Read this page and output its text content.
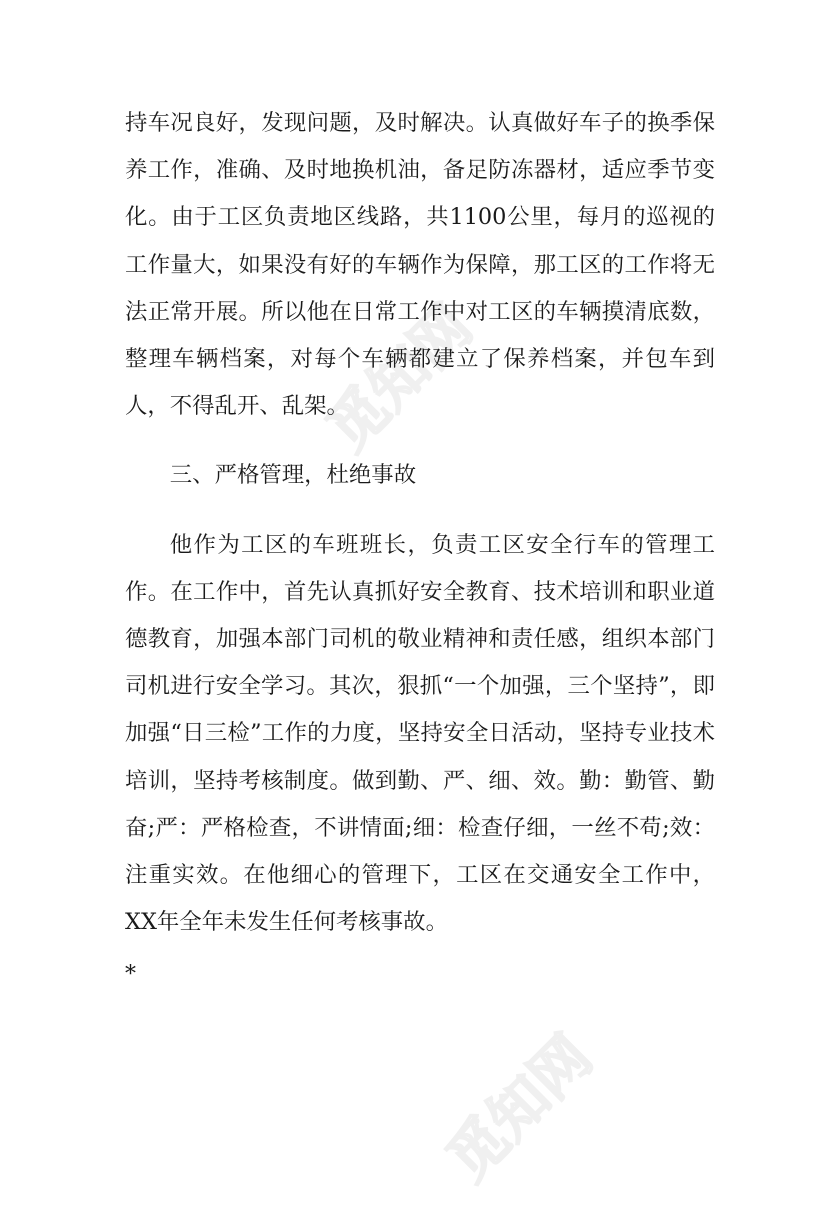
觅知网
觅知网

持车况良好，发现问题，及时解决。认真做好车子的换季保养工作，准确、及时地换机油，备足防冻器材，适应季节变化。由于工区负责地区线路，共1100公里，每月的巡视的工作量大，如果没有好的车辆作为保障，那工区的工作将无法正常开展。所以他在日常工作中对工区的车辆摸清底数，整理车辆档案，对每个车辆都建立了保养档案，并包车到人，不得乱开、乱架。

三、严格管理，杜绝事故

他作为工区的车班班长，负责工区安全行车的管理工作。在工作中，首先认真抓好安全教育、技术培训和职业道德教育，加强本部门司机的敬业精神和责任感，组织本部门司机进行安全学习。其次，狠抓“一个加强，三个坚持”，即加强“日三检”工作的力度，坚持安全日活动，坚持专业技术培训，坚持考核制度。做到勤、严、细、效。勤：勤管、勤奋;严：严格检查，不讲情面;细：检查仔细，一丝不苟;效：注重实效。在他细心的管理下，工区在交通安全工作中，XX年全年未发生任何考核事故。

*
